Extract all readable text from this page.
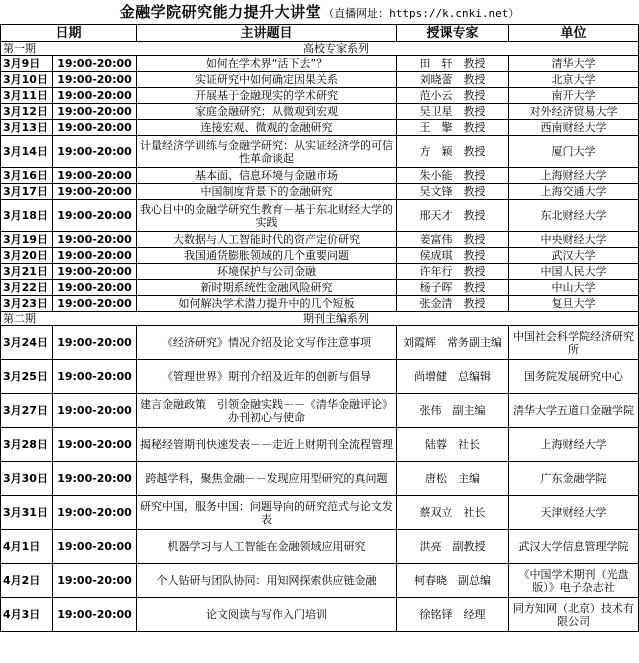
金融学院研究能力提升大讲堂 （直播网址：https://k.cnki.net）
日期		主讲题目	授课专家	单位

第一期 高校专家系列				
3月9日	19:00-20:00	如何在学术界“活下去”？	田　轩　教授	清华大学
3月10日	19:00-20:00	实证研究中如何确定因果关系	刘晓蕾　教授	北京大学
3月11日	19:00-20:00	开展基于金融现实的学术研究	范小云　教授	南开大学
3月12日	19:00-20:00	家庭金融研究：从微观到宏观	吴卫星　教授	对外经济贸易大学
3月13日	19:00-20:00	连接宏观、微观的金融研究	王　擎　教授	西南财经大学
3月14日	19:00-20:00	计量经济学训练与金融学研究：从实证经济学的可信性革命谈起	方　颖　教授	厦门大学
3月16日	19:00-20:00	基本面、信息环境与金融市场	朱小能　教授	上海财经大学
3月17日	19:00-20:00	中国制度背景下的金融研究	吴文锋　教授	上海交通大学
3月18日	19:00-20:00	我心目中的金融学研究生教育－基于东北财经大学的实践	邢天才　教授	东北财经大学
3月19日	19:00-20:00	大数据与人工智能时代的资产定价研究	姜富伟　教授	中央财经大学
3月20日	19:00-20:00	我国通货膨胀领域的几个重要问题	侯成琪　教授	武汉大学
3月21日	19:00-20:00	环境保护与公司金融	许年行　教授	中国人民大学
3月22日	19:00-20:00	新时期系统性金融风险研究	杨子晖　教授	中山大学
3月23日	19:00-20:00	如何解决学术潜力提升中的几个短板	张金清　教授	复旦大学

第二期 期刊主编系列				
3月24日	19:00-20:00	《经济研究》情况介绍及论文写作注意事项	刘霞辉　常务副主编	中国社会科学院经济研究所
3月25日	19:00-20:00	《管理世界》期刊介绍及近年的创新与倡导	尚增健　总编辑	国务院发展研究中心
3月27日	19:00-20:00	建言金融政策　引领金融实践－－《清华金融评论》办刊初心与使命	张伟　副主编	清华大学五道口金融学院
3月28日	19:00-20:00	揭秘经管期刊快速发表－－走近上财期刊全流程管理	陆蓉　社长	上海财经大学
3月30日	19:00-20:00	跨越学科，聚焦金融－－发现应用型研究的真问题	唐松　主编	广东金融学院
3月31日	19:00-20:00	研究中国，服务中国：问题导向的研究范式与论文发表	蔡双立　社长	天津财经大学
4月1日	19:00-20:00	机器学习与人工智能在金融领域应用研究	洪亮　副教授	武汉大学信息管理学院
4月2日	19:00-20:00	个人钻研与团队协同：用知网探索供应链金融	柯春晓　副总编	《中国学术期刊（光盘版）》电子杂志社
4月3日	19:00-20:00	论文阅读与写作入门培训	徐铭铎　经理	同方知网（北京）技术有限公司
